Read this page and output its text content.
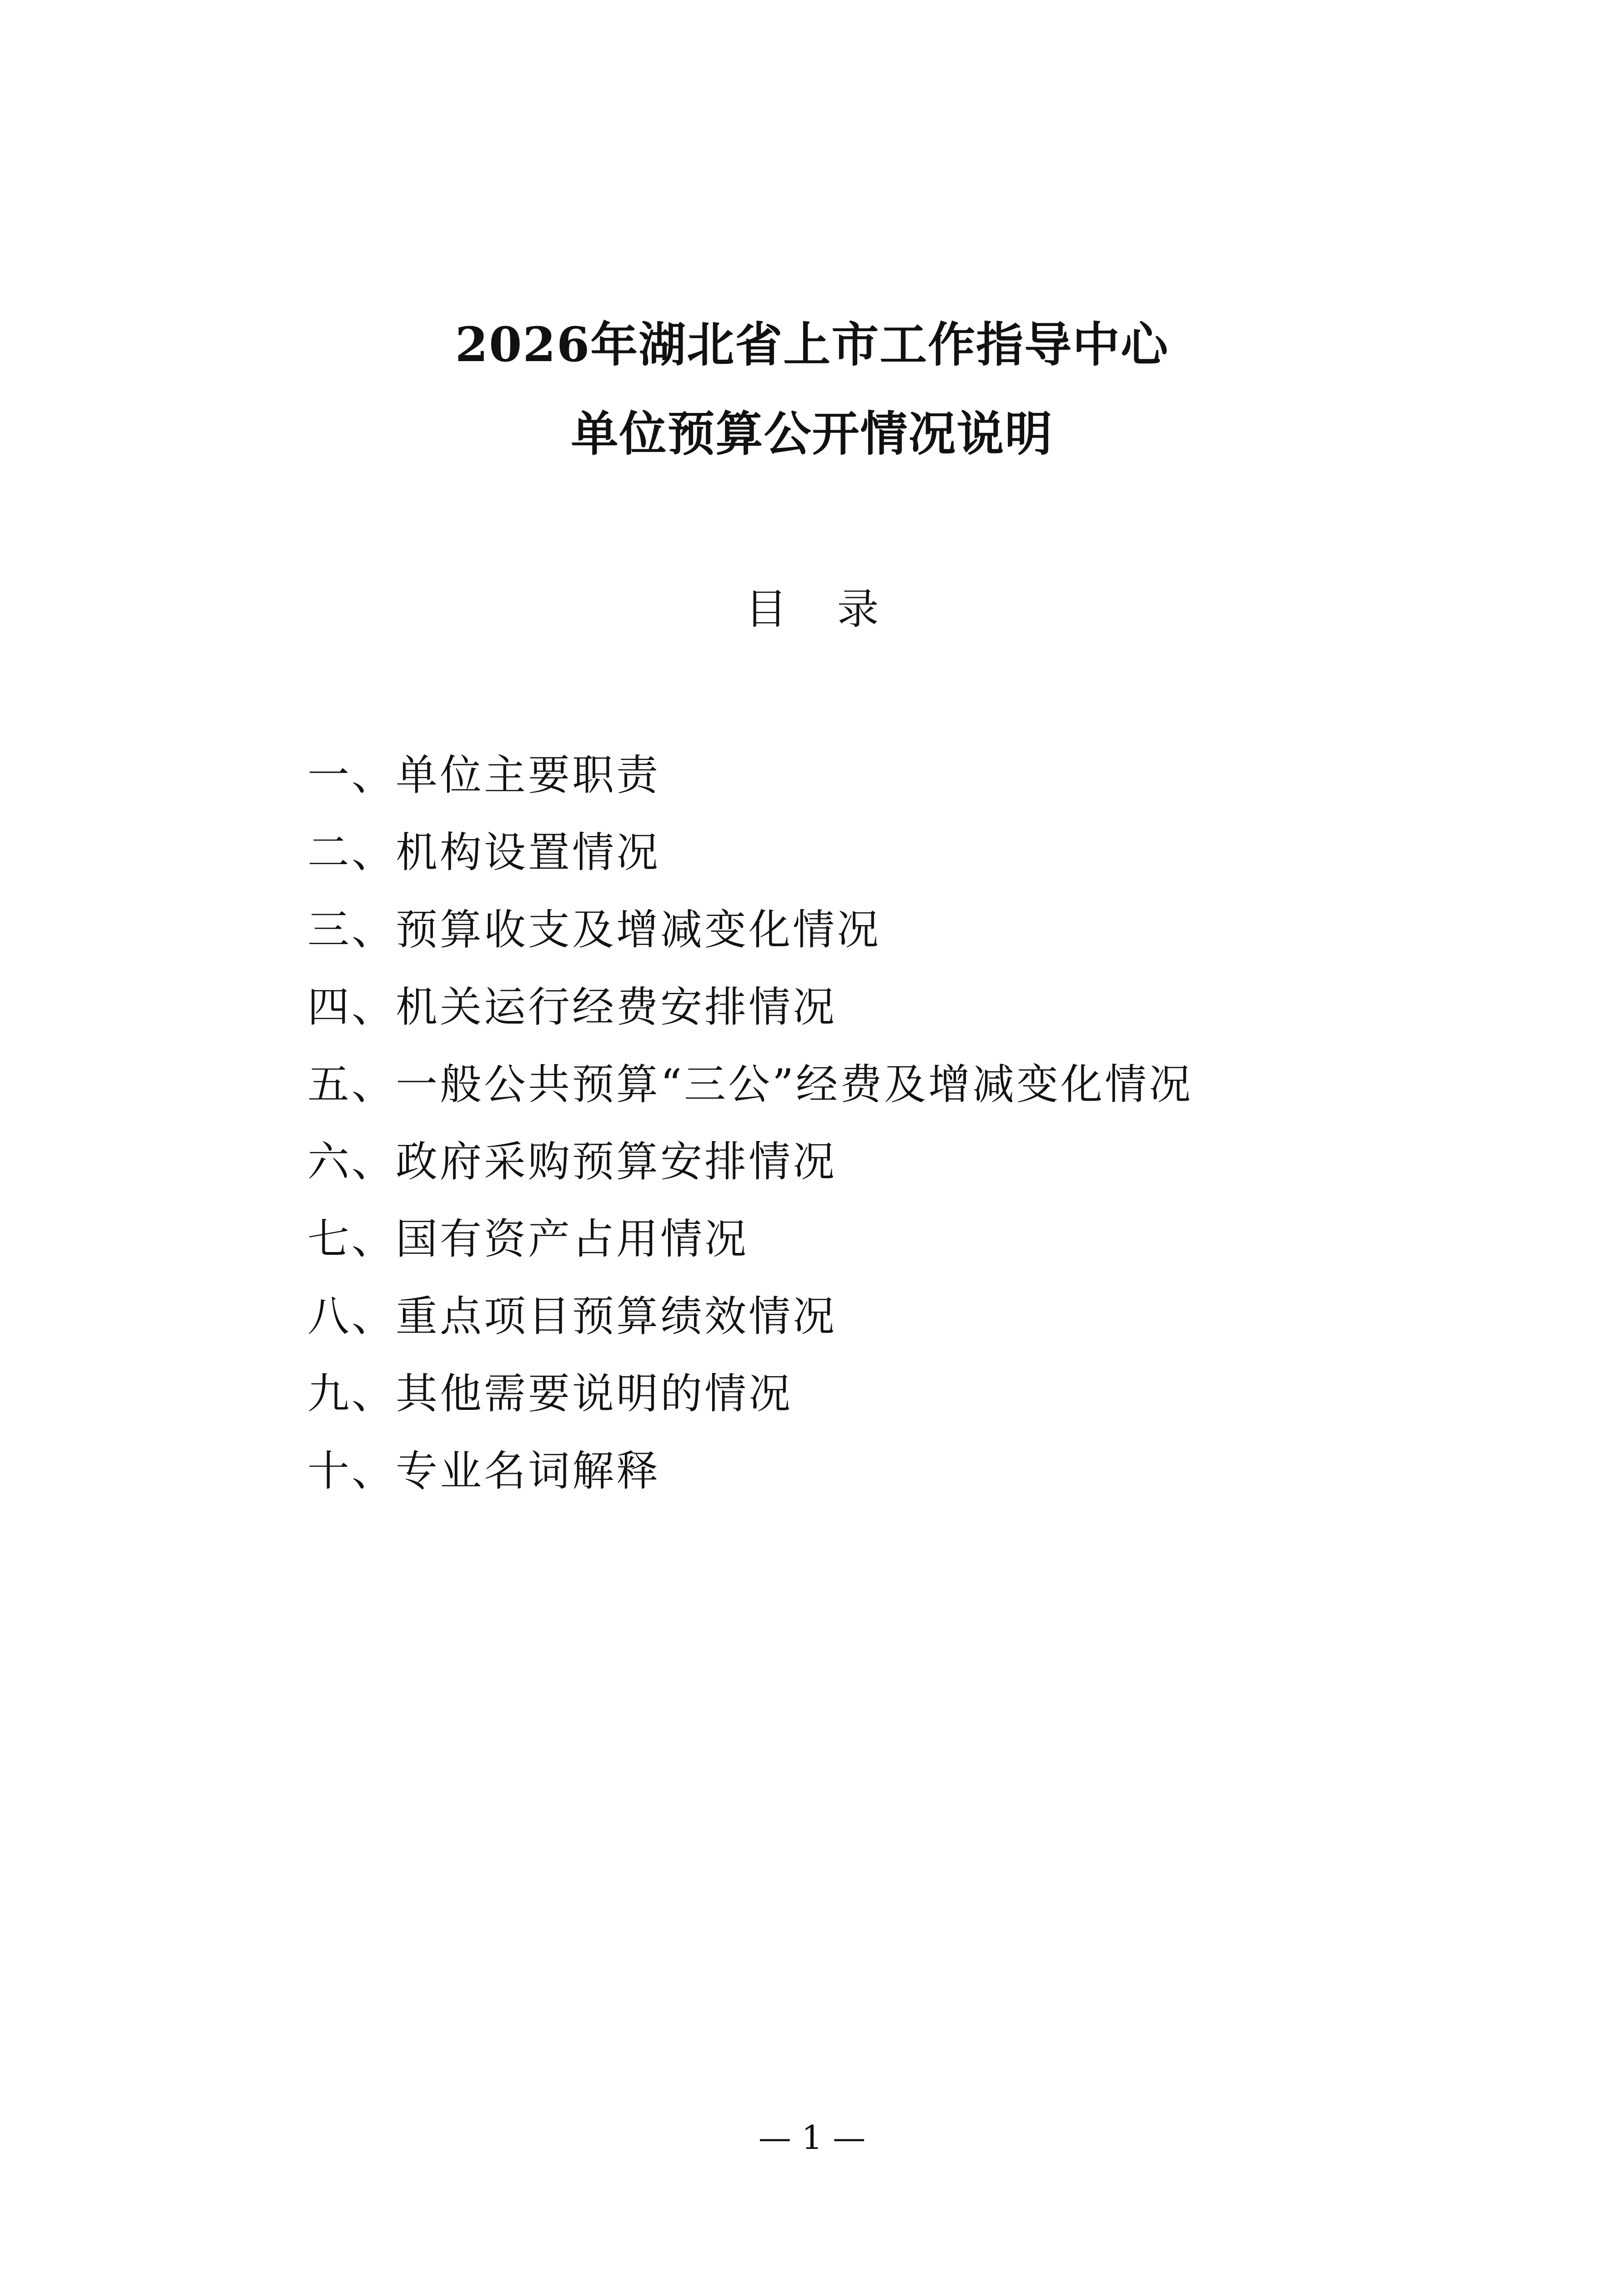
2026年湖北省上市工作指导中心
单位预算公开情况说明
目录
一、单位主要职责
二、机构设置情况
三、预算收支及增减变化情况
四、机关运行经费安排情况
五、一般公共预算“三公”经费及增减变化情况
六、政府采购预算安排情况
七、国有资产占用情况
八、重点项目预算绩效情况
九、其他需要说明的情况
十、专业名词解释
— 1 —
